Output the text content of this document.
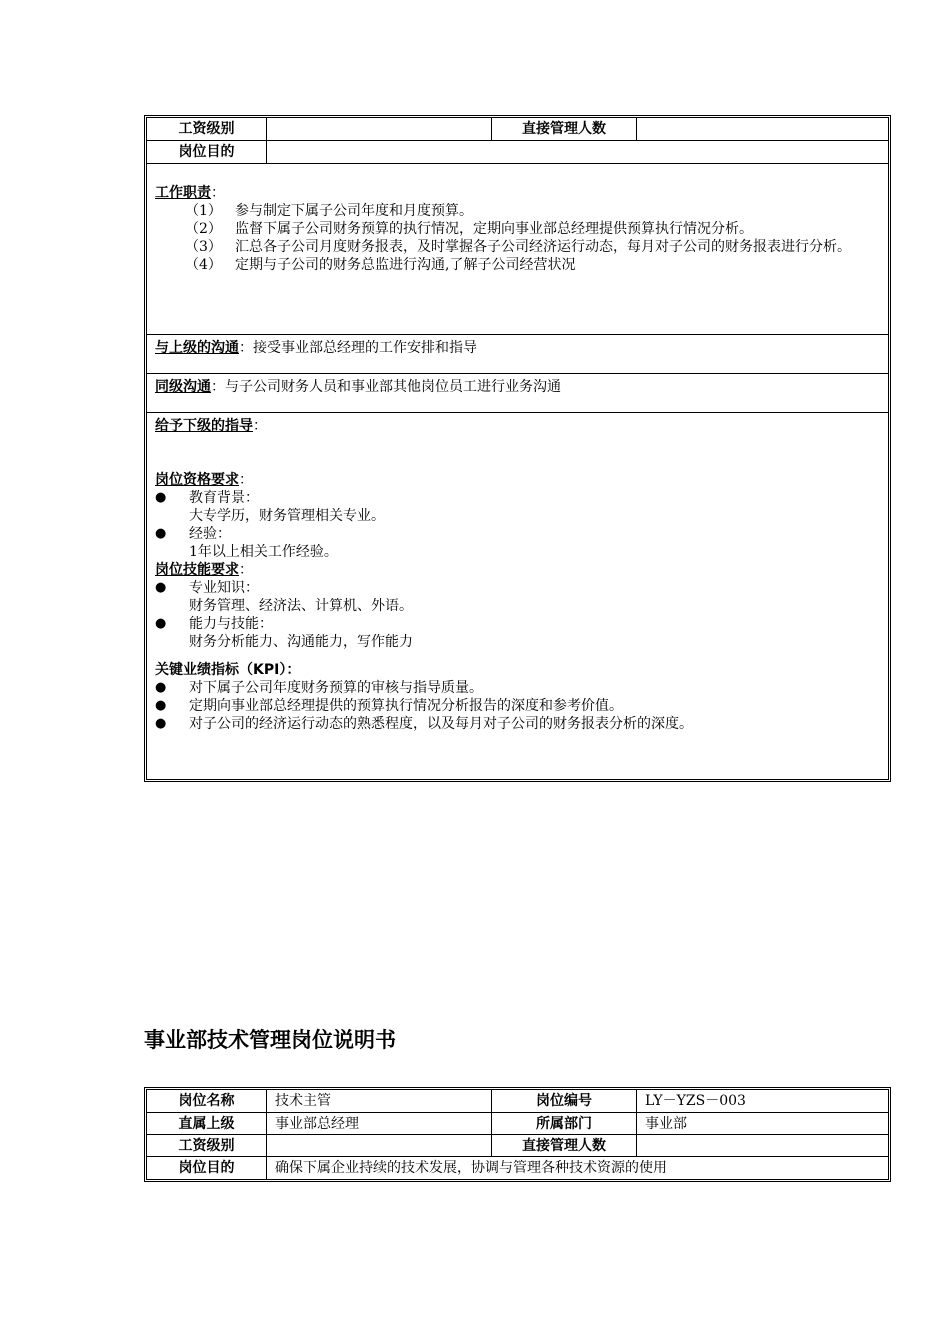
工资级别	直接管理人数
岗位目的
工作职责：
（1） 参与制定下属子公司年度和月度预算。
（2） 监督下属子公司财务预算的执行情况，定期向事业部总经理提供预算执行情况分析。
（3） 汇总各子公司月度财务报表，及时掌握各子公司经济运行动态，每月对子公司的财务报表进行分析。
（4） 定期与子公司的财务总监进行沟通,了解子公司经营状况
与上级的沟通：接受事业部总经理的工作安排和指导
同级沟通：与子公司财务人员和事业部其他岗位员工进行业务沟通
给予下级的指导：
岗位资格要求：
●	教育背景：
大专学历，财务管理相关专业。
●	经验：
1年以上相关工作经验。
岗位技能要求：
●	专业知识：
财务管理、经济法、计算机、外语。
●	能力与技能：
财务分析能力、沟通能力，写作能力
关键业绩指标（KPI）：
●	对下属子公司年度财务预算的审核与指导质量。
●	定期向事业部总经理提供的预算执行情况分析报告的深度和参考价值。
●	对子公司的经济运行动态的熟悉程度，以及每月对子公司的财务报表分析的深度。
事业部技术管理岗位说明书
岗位名称	技术主管	岗位编号	LY－YZS－003
直属上级	事业部总经理	所属部门	事业部
工资级别	直接管理人数
岗位目的	确保下属企业持续的技术发展，协调与管理各种技术资源的使用
